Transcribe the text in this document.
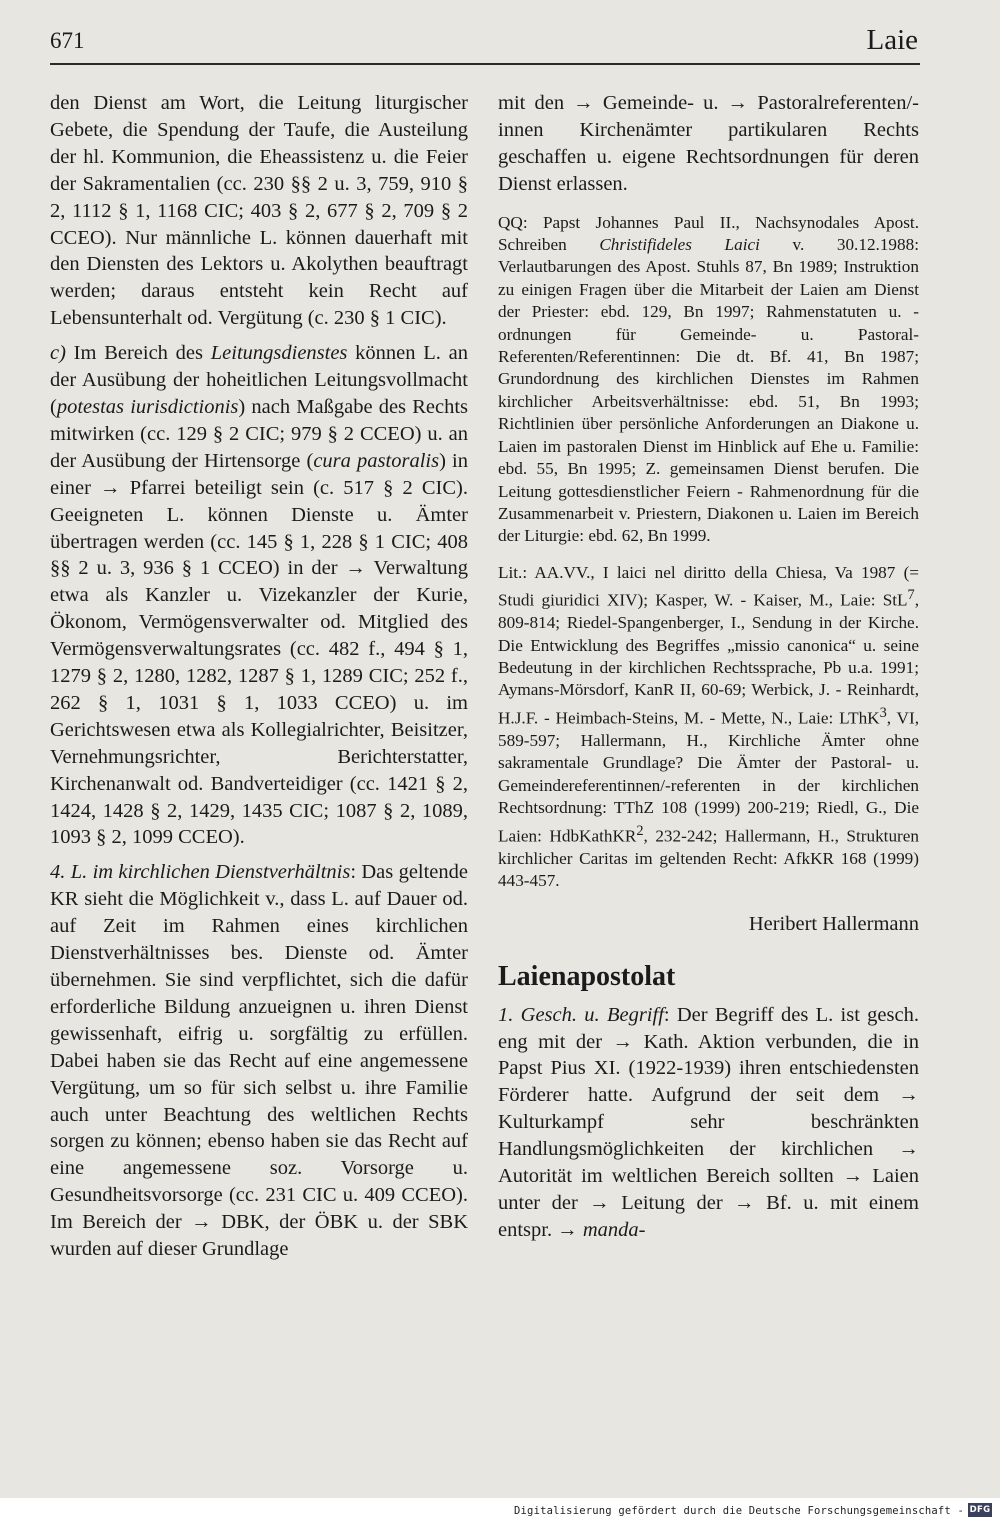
671	Laie

den Dienst am Wort, die Leitung liturgischer Gebete, die Spendung der Taufe, die Austeilung der hl. Kommunion, die Eheassistenz u. die Feier der Sakramentalien (cc. 230 §§ 2 u. 3, 759, 910 § 2, 1112 § 1, 1168 CIC; 403 § 2, 677 § 2, 709 § 2 CCEO). Nur männliche L. können dauerhaft mit den Diensten des Lektors u. Akolythen beauftragt werden; daraus entsteht kein Recht auf Lebensunterhalt od. Vergütung (c. 230 § 1 CIC).

c) Im Bereich des Leitungsdienstes können L. an der Ausübung der hoheitlichen Leitungsvollmacht (potestas iurisdictionis) nach Maßgabe des Rechts mitwirken (cc. 129 § 2 CIC; 979 § 2 CCEO) u. an der Ausübung der Hirtensorge (cura pastoralis) in einer → Pfarrei beteiligt sein (c. 517 § 2 CIC). Geeigneten L. können Dienste u. Ämter übertragen werden (cc. 145 § 1, 228 § 1 CIC; 408 §§ 2 u. 3, 936 § 1 CCEO) in der → Verwaltung etwa als Kanzler u. Vizekanzler der Kurie, Ökonom, Vermögensverwalter od. Mitglied des Vermögensverwaltungsrates (cc. 482 f., 494 § 1, 1279 § 2, 1280, 1282, 1287 § 1, 1289 CIC; 252 f., 262 § 1, 1031 § 1, 1033 CCEO) u. im Gerichtswesen etwa als Kollegialrichter, Beisitzer, Vernehmungsrichter, Berichterstatter, Kirchenanwalt od. Bandverteidiger (cc. 1421 § 2, 1424, 1428 § 2, 1429, 1435 CIC; 1087 § 2, 1089, 1093 § 2, 1099 CCEO).

4. L. im kirchlichen Dienstverhältnis: Das geltende KR sieht die Möglichkeit v., dass L. auf Dauer od. auf Zeit im Rahmen eines kirchlichen Dienstverhältnisses bes. Dienste od. Ämter übernehmen. Sie sind verpflichtet, sich die dafür erforderliche Bildung anzueignen u. ihren Dienst gewissenhaft, eifrig u. sorgfältig zu erfüllen. Dabei haben sie das Recht auf eine angemessene Vergütung, um so für sich selbst u. ihre Familie auch unter Beachtung des weltlichen Rechts sorgen zu können; ebenso haben sie das Recht auf eine angemessene soz. Vorsorge u. Gesundheitsvorsorge (cc. 231 CIC u. 409 CCEO). Im Bereich der → DBK, der ÖBK u. der SBK wurden auf dieser Grundlage

mit den → Gemeinde- u. → Pastoralreferenten/-innen Kirchenämter partikularen Rechts geschaffen u. eigene Rechtsordnungen für deren Dienst erlassen.

QQ: Papst Johannes Paul II., Nachsynodales Apost. Schreiben Christifideles Laici v. 30.12.1988: Verlautbarungen des Apost. Stuhls 87, Bn 1989; Instruktion zu einigen Fragen über die Mitarbeit der Laien am Dienst der Priester: ebd. 129, Bn 1997; Rahmenstatuten u. -ordnungen für Gemeinde- u. Pastoral-Referenten/Referentinnen: Die dt. Bf. 41, Bn 1987; Grundordnung des kirchlichen Dienstes im Rahmen kirchlicher Arbeitsverhältnisse: ebd. 51, Bn 1993; Richtlinien über persönliche Anforderungen an Diakone u. Laien im pastoralen Dienst im Hinblick auf Ehe u. Familie: ebd. 55, Bn 1995; Z. gemeinsamen Dienst berufen. Die Leitung gottesdienstlicher Feiern - Rahmenordnung für die Zusammenarbeit v. Priestern, Diakonen u. Laien im Bereich der Liturgie: ebd. 62, Bn 1999.

Lit.: AA.VV., I laici nel diritto della Chiesa, Va 1987 (= Studi giuridici XIV); Kasper, W. - Kaiser, M., Laie: StL$^7$, 809-814; Riedel-Spangenberger, I., Sendung in der Kirche. Die Entwicklung des Begriffes „missio canonica“ u. seine Bedeutung in der kirchlichen Rechtssprache, Pb u.a. 1991; Aymans-Mörsdorf, KanR II, 60-69; Werbick, J. - Reinhardt, H.J.F. - Heimbach-Steins, M. - Mette, N., Laie: LThK$^3$, VI, 589-597; Hallermann, H., Kirchliche Ämter ohne sakramentale Grundlage? Die Ämter der Pastoral- u. Gemeindereferentinnen/-referenten in der kirchlichen Rechtsordnung: TThZ 108 (1999) 200-219; Riedl, G., Die Laien: HdbKathKR$^2$, 232-242; Hallermann, H., Strukturen kirchlicher Caritas im geltenden Recht: AfkKR 168 (1999) 443-457.

Heribert Hallermann

Laienapostolat

1. Gesch. u. Begriff: Der Begriff des L. ist gesch. eng mit der → Kath. Aktion verbunden, die in Papst Pius XI. (1922-1939) ihren entschiedensten Förderer hatte. Aufgrund der seit dem → Kulturkampf sehr beschränkten Handlungsmöglichkeiten der kirchlichen → Autorität im weltlichen Bereich sollten → Laien unter der → Leitung der → Bf. u. mit einem entspr. → manda-

Digitalisierung gefördert durch die Deutsche Forschungsgemeinschaft - DFG
